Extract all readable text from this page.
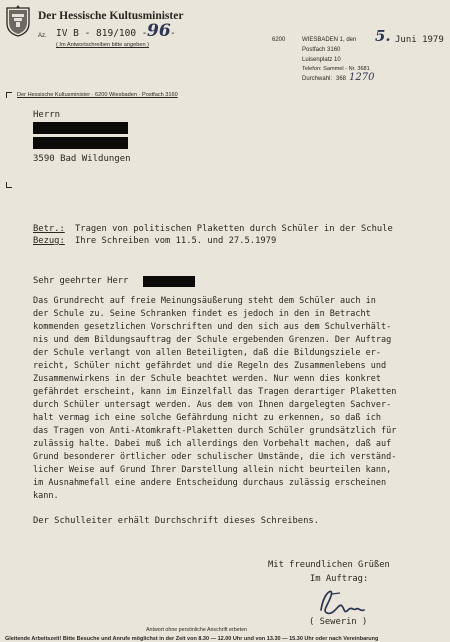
Der Hessische Kultusminister
Az. IV B - 819/100 - 96 -
( Im Antwortschreiben bitte angeben )
6200	WIESBADEN 1, den
Postfach 3160
Luisenplatz 10
Telefon: Sammel - Nr. 3681
Durchwahl: 368 1270
5. Juni 1979
Der Hessische Kultusminister · 6200 Wiesbaden · Postfach 3160
Herrn
3590 Bad Wildungen
Betr.: Tragen von politischen Plaketten durch Schüler in der Schule
Bezug: Ihre Schreiben vom 11.5. und 27.5.1979
Sehr geehrter Herr
Das Grundrecht auf freie Meinungsäußerung steht dem Schüler auch in
der Schule zu. Seine Schranken findet es jedoch in den in Betracht
kommenden gesetzlichen Vorschriften und den sich aus dem Schulverhält-
nis und dem Bildungsauftrag der Schule ergebenden Grenzen. Der Auftrag
der Schule verlangt von allen Beteiligten, daß die Bildungsziele er-
reicht, Schüler nicht gefährdet und die Regeln des Zusammenlebens und
Zusammenwirkens in der Schule beachtet werden. Nur wenn dies konkret
gefährdet erscheint, kann im Einzelfall das Tragen derartiger Plaketten
durch Schüler untersagt werden. Aus dem von Ihnen dargelegten Sachver-
halt vermag ich eine solche Gefährdung nicht zu erkennen, so daß ich
das Tragen von Anti-Atomkraft-Plaketten durch Schüler grundsätzlich für
zulässig halte. Dabei muß ich allerdings den Vorbehalt machen, daß auf
Grund besonderer örtlicher oder schulischer Umstände, die ich verständ-
licher Weise auf Grund Ihrer Darstellung allein nicht beurteilen kann,
im Ausnahmefall eine andere Entscheidung durchaus zulässig erscheinen
kann.
Der Schulleiter erhält Durchschrift dieses Schreibens.
Mit freundlichen Grüßen
Im Auftrag:
( Sewerin )
Antwort ohne persönliche Anschrift erbeten
Gleitende Arbeitszeit! Bitte Besuche und Anrufe möglichst in der Zeit von 8.30 — 12.00 Uhr und von 13.30 — 15.30 Uhr oder nach Vereinbarung
